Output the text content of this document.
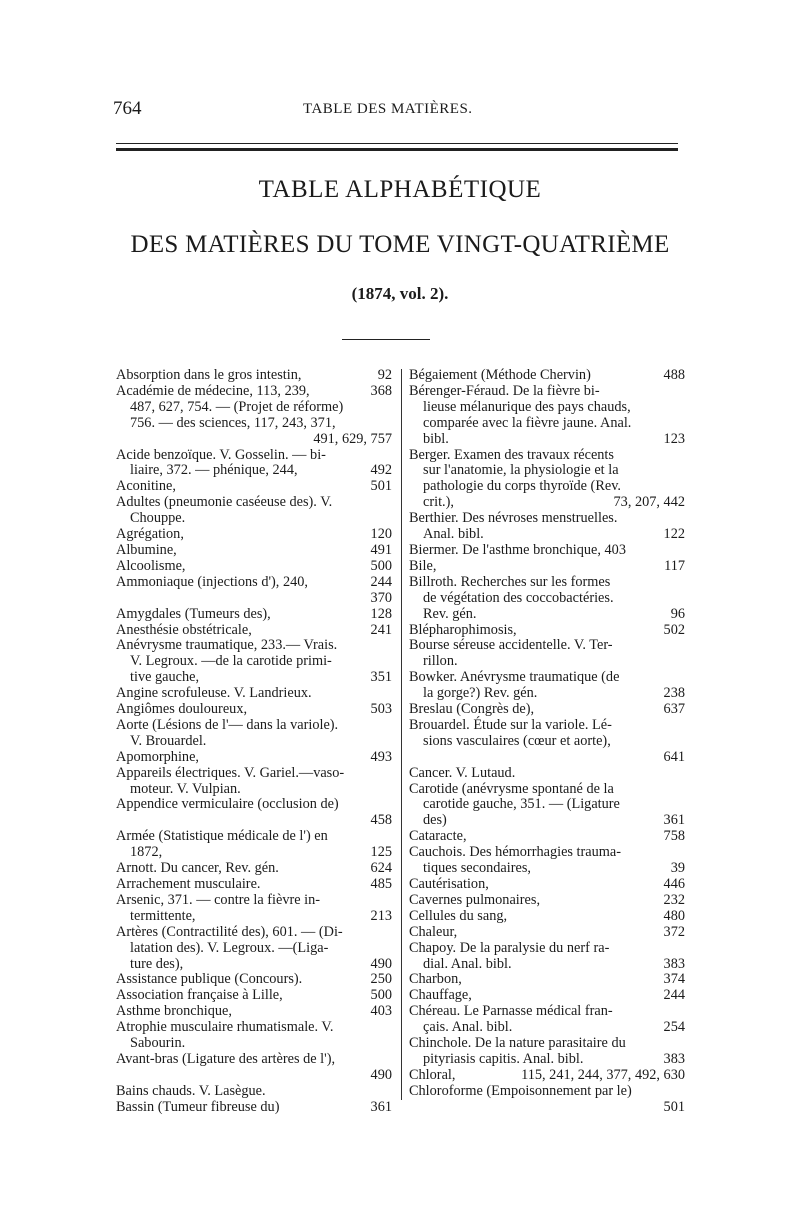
764	TABLE DES MATIÈRES.
TABLE ALPHABÉTIQUE
DES MATIÈRES DU TOME VINGT-QUATRIÈME
(1874, vol. 2).
Absorption dans le gros intestin,	92
Académie de médecine, 113, 239,	368
487, 627, 754. — (Projet de réforme)
756. — des sciences, 117, 243, 371,
491, 629, 757
Acide benzoïque. V. Gosselin. — bi-
liaire, 372. — phénique, 244,	492
Aconitine,	501
Adultes (pneumonie caséeuse des). V.
Chouppe.
Agrégation,	120
Albumine,	491
Alcoolisme,	500
Ammoniaque (injections d'), 240,	244
370
Amygdales (Tumeurs des),	128
Anesthésie obstétricale,	241
Anévrysme traumatique, 233.— Vrais.
V. Legroux. —de la carotide primi-
tive gauche,	351
Angine scrofuleuse. V. Landrieux.
Angiômes douloureux,	503
Aorte (Lésions de l'— dans la variole).
V. Brouardel.
Apomorphine,	493
Appareils électriques. V. Gariel.—vaso-
moteur. V. Vulpian.
Appendice vermiculaire (occlusion de)
458
Armée (Statistique médicale de l') en
1872,	125
Arnott. Du cancer, Rev. gén.	624
Arrachement musculaire.	485
Arsenic, 371. — contre la fièvre in-
termittente,	213
Artères (Contractilité des), 601. — (Di-
latation des). V. Legroux. —(Liga-
ture des),	490
Assistance publique (Concours).	250
Association française à Lille,	500
Asthme bronchique,	403
Atrophie musculaire rhumatismale. V.
Sabourin.
Avant-bras (Ligature des artères de l'),
490
Bains chauds. V. Lasègue.
Bassin (Tumeur fibreuse du)	361
Bégaiement (Méthode Chervin)	488
Bérenger-Féraud. De la fièvre bi-
lieuse mélanurique des pays chauds,
comparée avec la fièvre jaune. Anal.
bibl.	123
Berger. Examen des travaux récents
sur l'anatomie, la physiologie et la
pathologie du corps thyroïde (Rev.
crit.),	73, 207, 442
Berthier. Des névroses menstruelles.
Anal. bibl.	122
Biermer. De l'asthme bronchique, 403
Bile,	117
Billroth. Recherches sur les formes
de végétation des coccobactéries.
Rev. gén.	96
Blépharophimosis,	502
Bourse séreuse accidentelle. V. Ter-
rillon.
Bowker. Anévrysme traumatique (de
la gorge?) Rev. gén.	238
Breslau (Congrès de),	637
Brouardel. Étude sur la variole. Lé-
sions vasculaires (cœur et aorte),
641
Cancer. V. Lutaud.
Carotide (anévrysme spontané de la
carotide gauche, 351. — (Ligature
des)	361
Cataracte,	758
Cauchois. Des hémorrhagies trauma-
tiques secondaires,	39
Cautérisation,	446
Cavernes pulmonaires,	232
Cellules du sang,	480
Chaleur,	372
Chapoy. De la paralysie du nerf ra-
dial. Anal. bibl.	383
Charbon,	374
Chauffage,	244
Chéreau. Le Parnasse médical fran-
çais. Anal. bibl.	254
Chinchole. De la nature parasitaire du
pityriasis capitis. Anal. bibl.	383
Chloral,	115, 241, 244, 377, 492, 630
Chloroforme (Empoisonnement par le)
501
